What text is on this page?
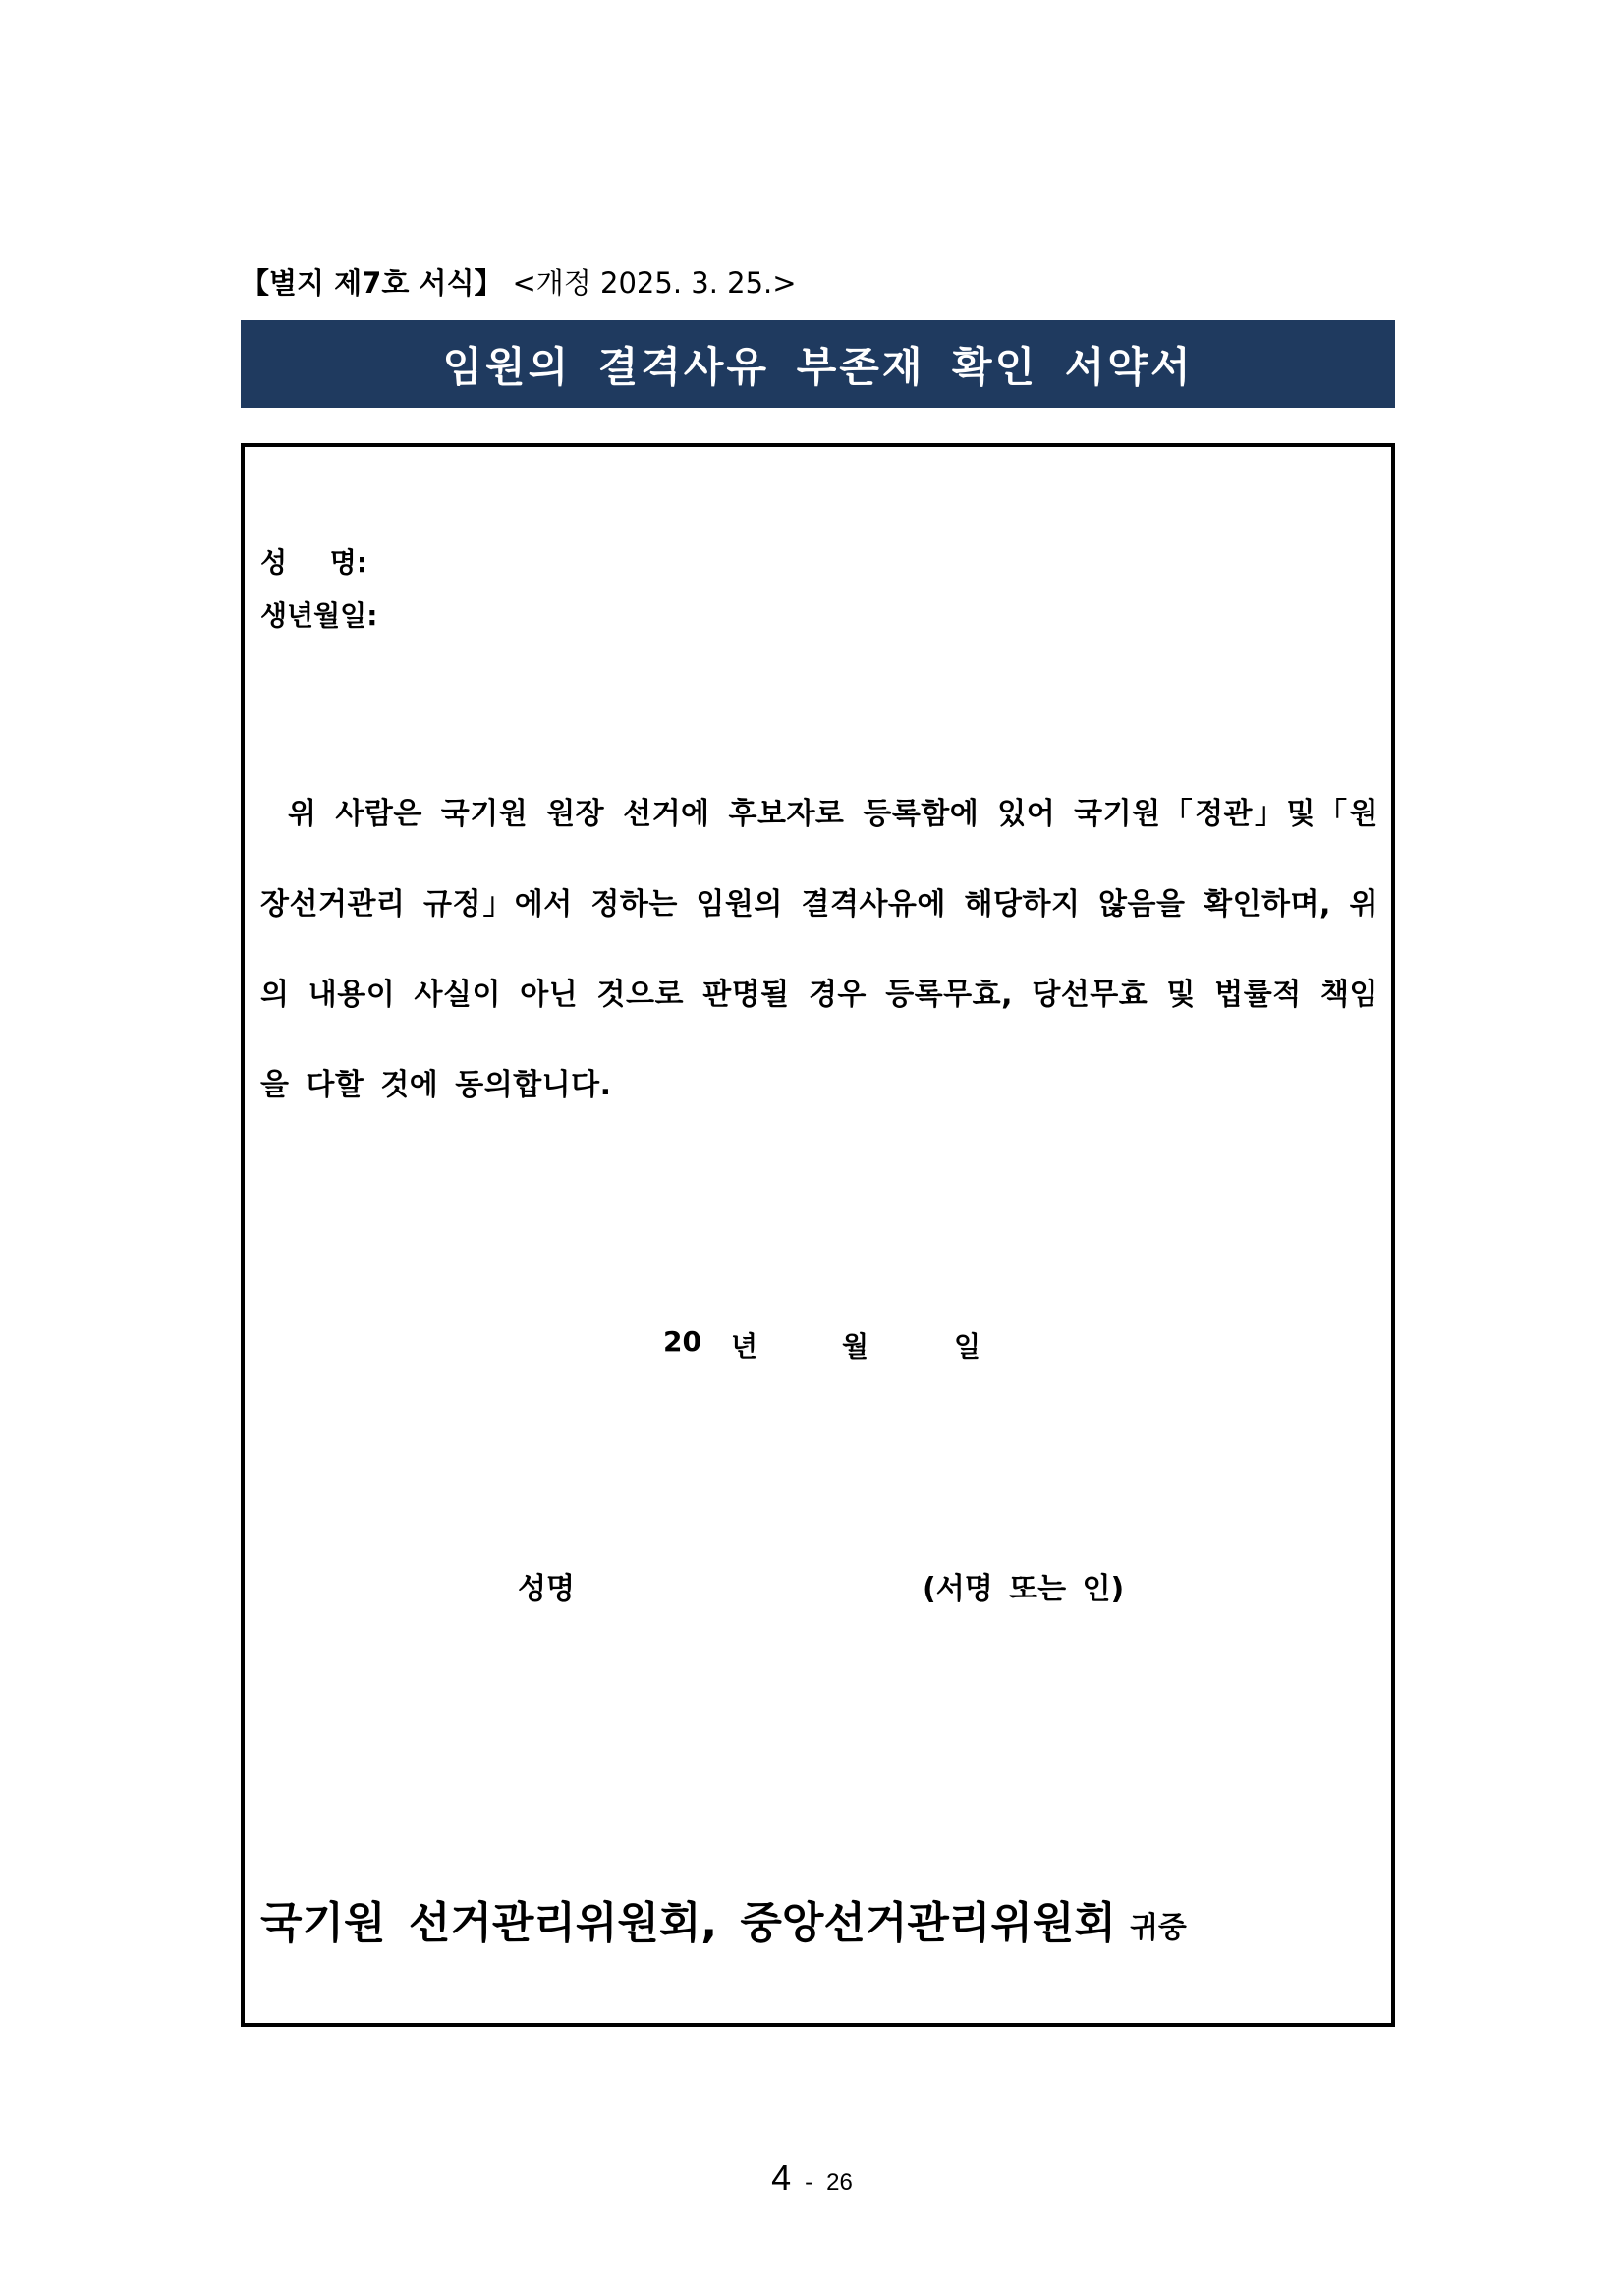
【별지 제7호 서식】 <개정 2025. 3. 25.>
임원의 결격사유 부존재 확인 서약서
성 명:
생년월일:
위 사람은 국기원 원장 선거에 후보자로 등록함에 있어 국기원「정관」및「원장선거관리 규정」에서 정하는 임원의 결격사유에 해당하지 않음을 확인하며, 위의 내용이 사실이 아닌 것으로 판명될 경우 등록무효, 당선무효 및 법률적 책임을 다할 것에 동의합니다.
20 년	월	일
성명	(서명 또는 인)
국기원 선거관리위원회, 중앙선거관리위원회 귀중
4 - 26
